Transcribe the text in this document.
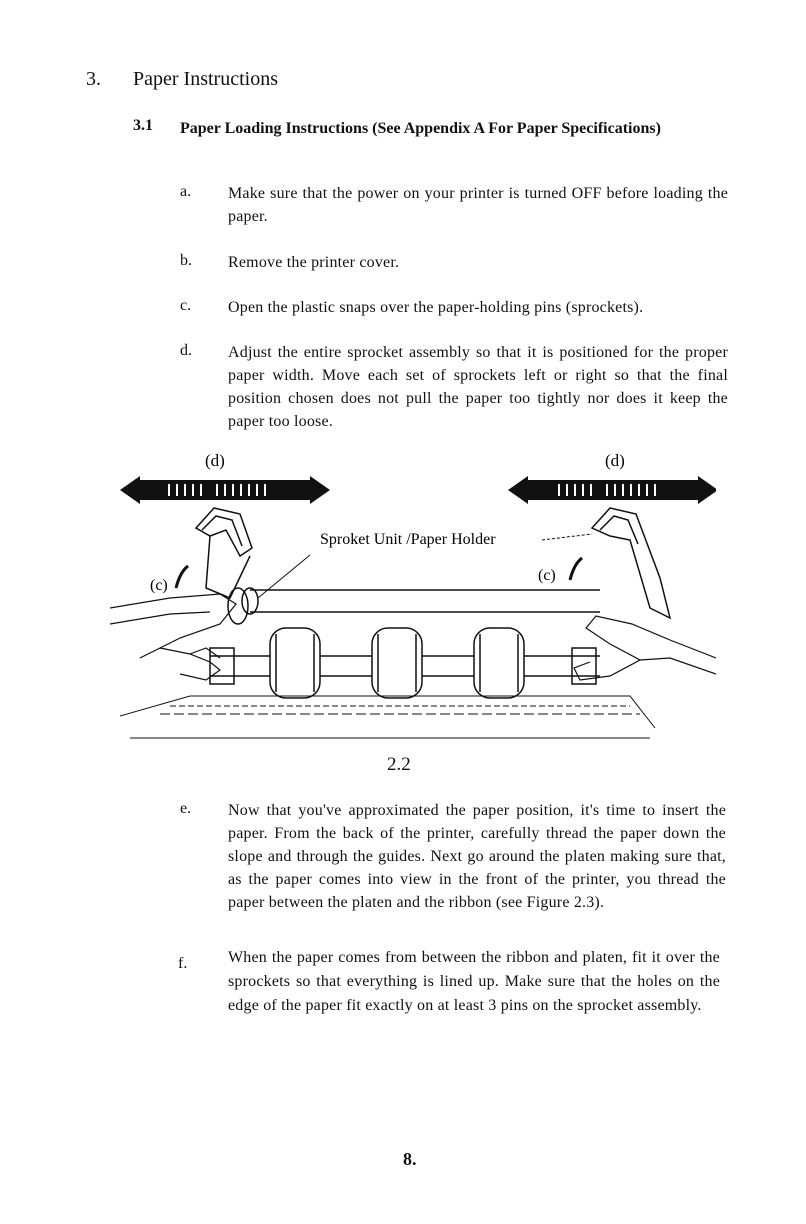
3. Paper Instructions
3.1 Paper Loading Instructions (See Appendix A For Paper Specifications)
a. Make sure that the power on your printer is turned OFF before loading the paper.
b. Remove the printer cover.
c. Open the plastic snaps over the paper-holding pins (sprockets).
d. Adjust the entire sprocket assembly so that it is positioned for the proper paper width. Move each set of sprockets left or right so that the final position chosen does not pull the paper too tightly nor does it keep the paper too loose.
(d)	(d)
Sproket Unit /Paper Holder
(c)
(c)
2.2
e. Now that you've approximated the paper position, it's time to insert the paper. From the back of the printer, carefully thread the paper down the slope and through the guides. Next go around the platen making sure that, as the paper comes into view in the front of the printer, you thread the paper between the platen and the ribbon (see Figure 2.3).
f.	When the paper comes from between the ribbon and platen, fit it over the sprockets so that everything is lined up. Make sure that the holes on the edge of the paper fit exactly on at least 3 pins on the sprocket assembly.
8.
